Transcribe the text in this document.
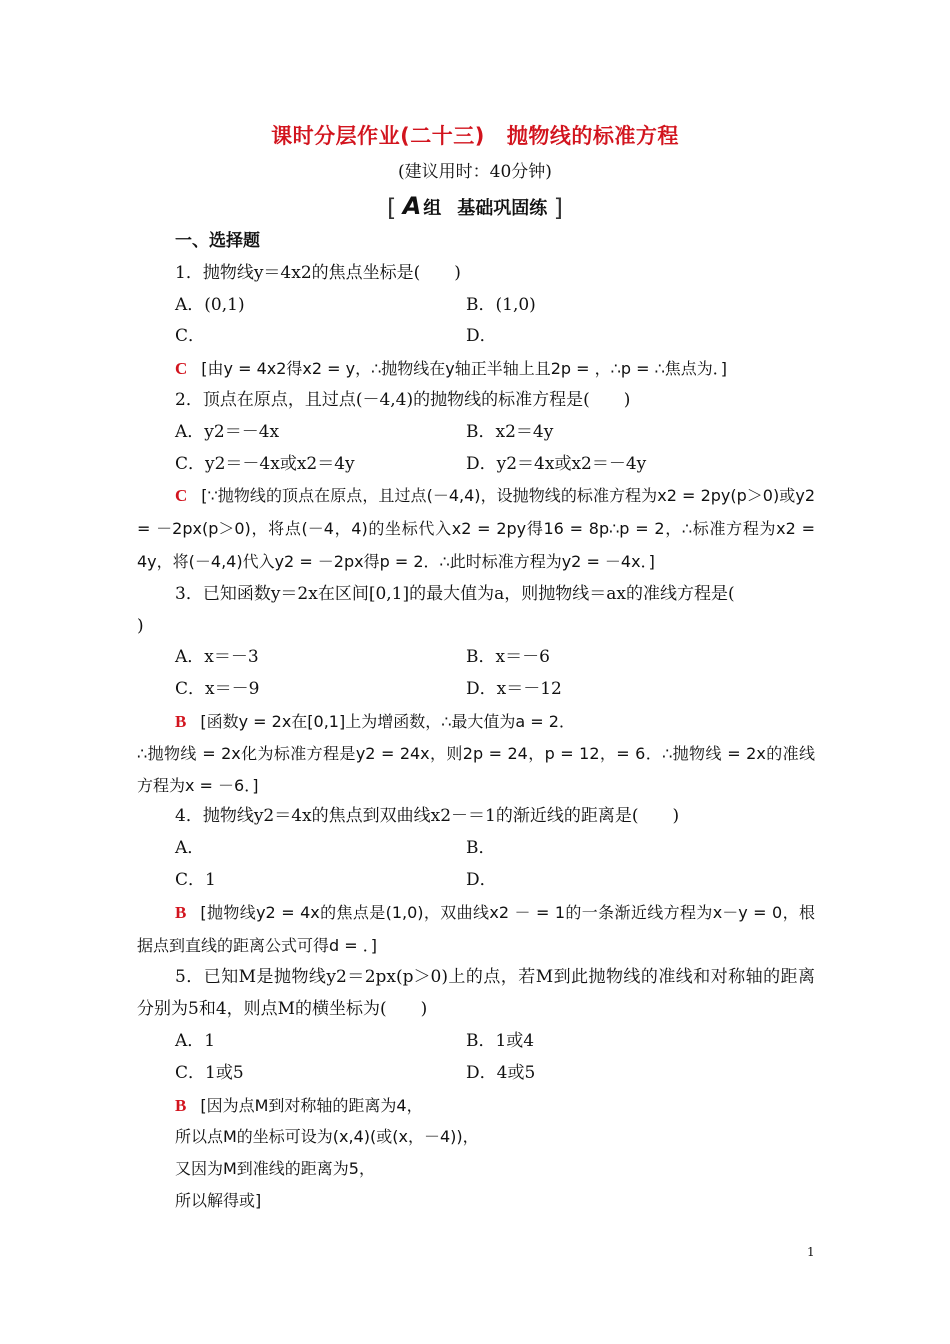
课时分层作业(二十三) 抛物线的标准方程
(建议用时：40分钟)
[ A 组 基础巩固练 ]
一、选择题
1．抛物线y＝4x2的焦点坐标是(　　)
A．(0,1)	B．(1,0)
C．	D．
C [由y = 4x2得x2 = y，∴抛物线在y轴正半轴上且2p = ，∴p = ∴焦点为．]
2．顶点在原点，且过点(－4,4)的抛物线的标准方程是(　　)
A．y2＝－4x	B．x2＝4y
C．y2＝－4x或x2＝4y	D．y2＝4x或x2＝－4y
C [∵抛物线的顶点在原点，且过点(－4,4)，设抛物线的标准方程为x2 = 2py(p＞0)或y2 = －2px(p＞0)，将点(－4，4)的坐标代入x2 = 2py得16 = 8p∴p = 2，∴标准方程为x2 = 4y，将(－4,4)代入y2 = －2px得p = 2．∴此时标准方程为y2 = －4x．]
3．已知函数y＝2x在区间[0,1]的最大值为a，则抛物线＝ax的准线方程是(
)
A．x＝－3	B．x＝－6
C．x＝－9	D．x＝－12
B [函数y = 2x在[0,1]上为增函数，∴最大值为a = 2．
∴抛物线 = 2x化为标准方程是y2 = 24x，则2p = 24，p = 12，= 6．∴抛物线 = 2x的准线方程为x = －6．]
4．抛物线y2＝4x的焦点到双曲线x2－＝1的渐近线的距离是(　　)
A．	B．
C．1	D．
B [抛物线y2 = 4x的焦点是(1,0)，双曲线x2 － = 1的一条渐近线方程为x－y = 0，根据点到直线的距离公式可得d = ．]
5．已知M是抛物线y2＝2px(p＞0)上的点，若M到此抛物线的准线和对称轴的距离分别为5和4，则点M的横坐标为(　　)
A．1	B．1或4
C．1或5	D．4或5
B [因为点M到对称轴的距离为4，
所以点M的坐标可设为(x,4)(或(x，－4))，
又因为M到准线的距离为5，
所以解得或]
1
